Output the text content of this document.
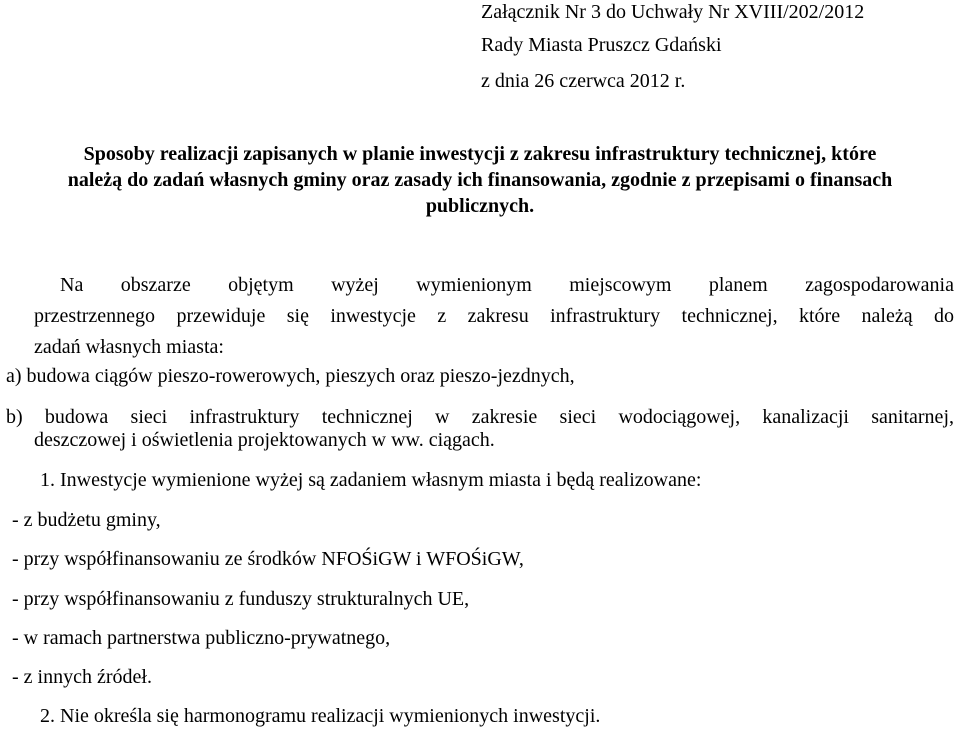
Załącznik Nr 3 do Uchwały Nr XVIII/202/2012
Rady Miasta Pruszcz Gdański
z dnia 26 czerwca 2012 r.
Sposoby realizacji zapisanych w planie inwestycji z zakresu infrastruktury technicznej, które
należą do zadań własnych gminy oraz zasady ich finansowania, zgodnie z przepisami o finansach
publicznych.
Na obszarze objętym wyżej wymienionym miejscowym planem zagospodarowania
przestrzennego przewiduje się inwestycje z zakresu infrastruktury technicznej, które należą do
zadań własnych miasta:
a) budowa ciągów pieszo-rowerowych, pieszych oraz pieszo-jezdnych,
b) budowa sieci infrastruktury technicznej w zakresie sieci wodociągowej, kanalizacji sanitarnej,
deszczowej i oświetlenia projektowanych w ww. ciągach.
1. Inwestycje wymienione wyżej są zadaniem własnym miasta i będą realizowane:
- z budżetu gminy,
- przy współfinansowaniu ze środków NFOŚiGW i WFOŚiGW,
- przy współfinansowaniu z funduszy strukturalnych UE,
- w ramach partnerstwa publiczno-prywatnego,
- z innych źródeł.
2. Nie określa się harmonogramu realizacji wymienionych inwestycji.
